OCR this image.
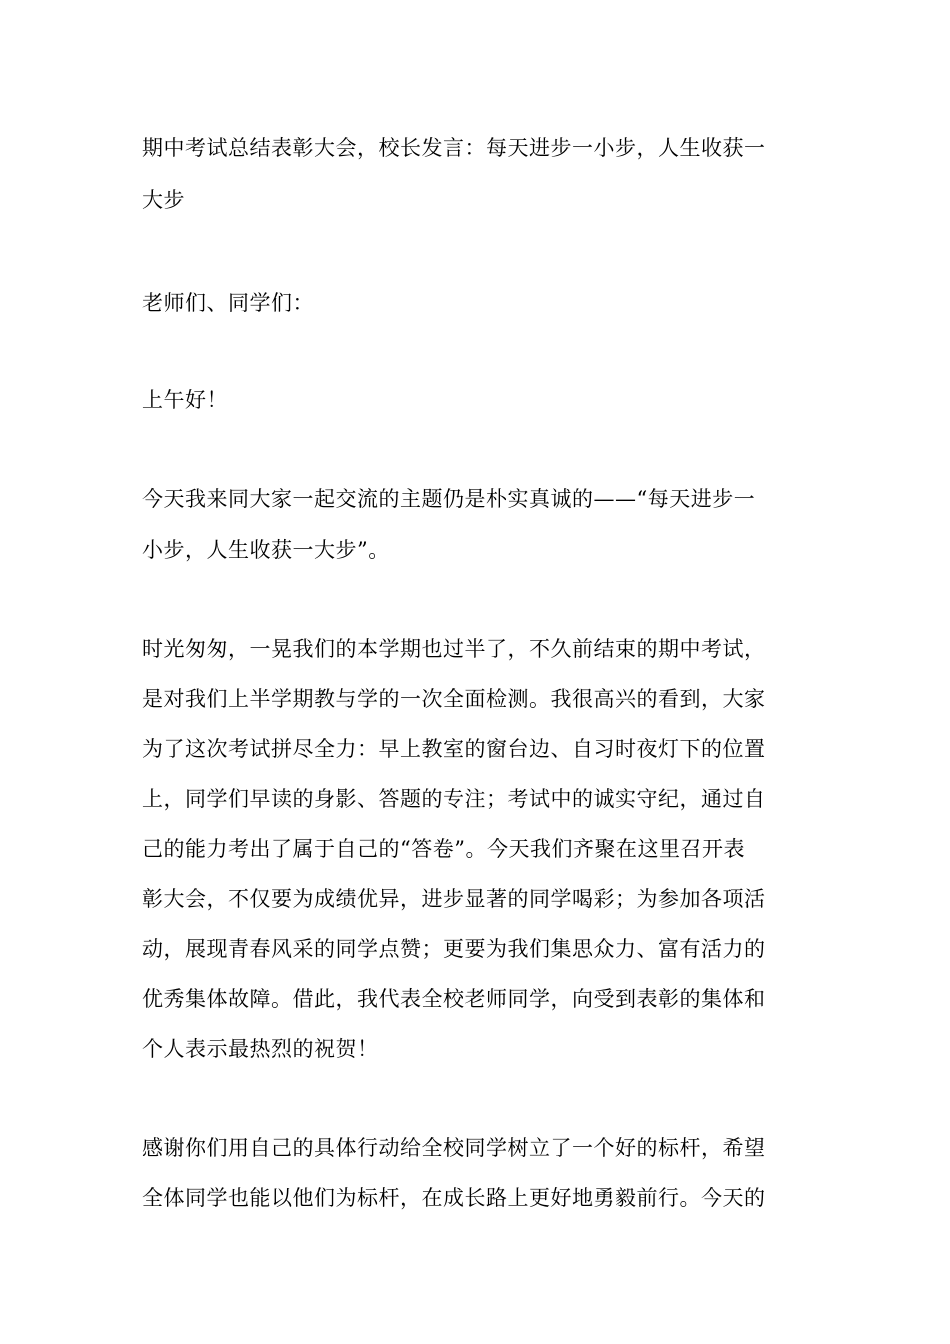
期中考试总结表彰大会，校长发言：每天进步一小步，人生收获一
大步
老师们、同学们：
上午好！
今天我来同大家一起交流的主题仍是朴实真诚的——“每天进步一
小步，人生收获一大步”。
时光匆匆，一晃我们的本学期也过半了，不久前结束的期中考试，
是对我们上半学期教与学的一次全面检测。我很高兴的看到，大家
为了这次考试拼尽全力：早上教室的窗台边、自习时夜灯下的位置
上，同学们早读的身影、答题的专注；考试中的诚实守纪，通过自
己的能力考出了属于自己的“答卷”。今天我们齐聚在这里召开表
彰大会，不仅要为成绩优异，进步显著的同学喝彩；为参加各项活
动，展现青春风采的同学点赞；更要为我们集思众力、富有活力的
优秀集体故障。借此，我代表全校老师同学，向受到表彰的集体和
个人表示最热烈的祝贺！
感谢你们用自己的具体行动给全校同学树立了一个好的标杆，希望
全体同学也能以他们为标杆，在成长路上更好地勇毅前行。今天的
